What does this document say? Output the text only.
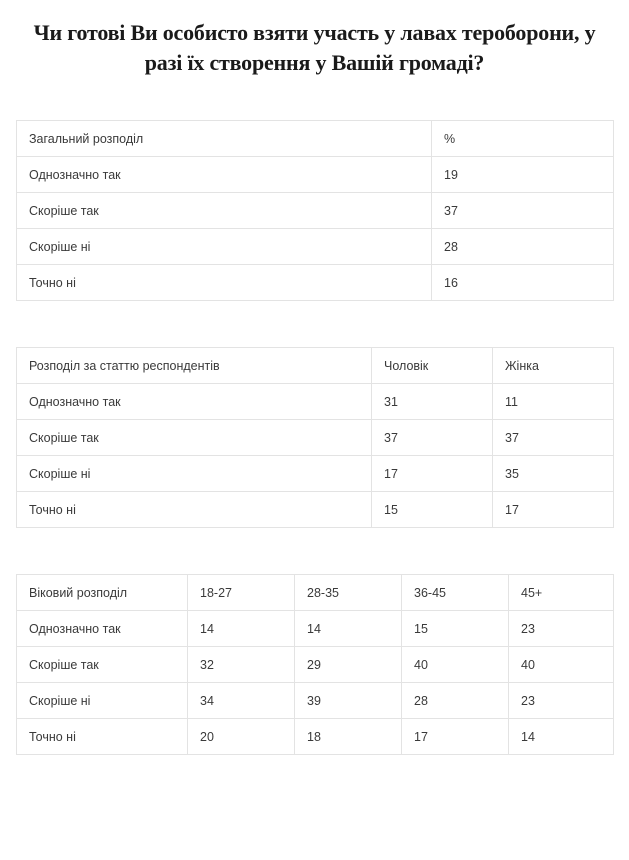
Чи готові Ви особисто взяти участь у лавах тероборони, у разі їх створення у Вашій громаді?
Загальний розподіл	%
Однозначно так	19
Скоріше так	37
Скоріше ні	28
Точно ні	16
Розподіл за статтю респондентів	Чоловік	Жінка
Однозначно так	31	11
Скоріше так	37	37
Скоріше ні	17	35
Точно ні	15	17
Віковий розподіл	18-27	28-35	36-45	45+
Однозначно так	14	14	15	23
Скоріше так	32	29	40	40
Скоріше ні	34	39	28	23
Точно ні	20	18	17	14
